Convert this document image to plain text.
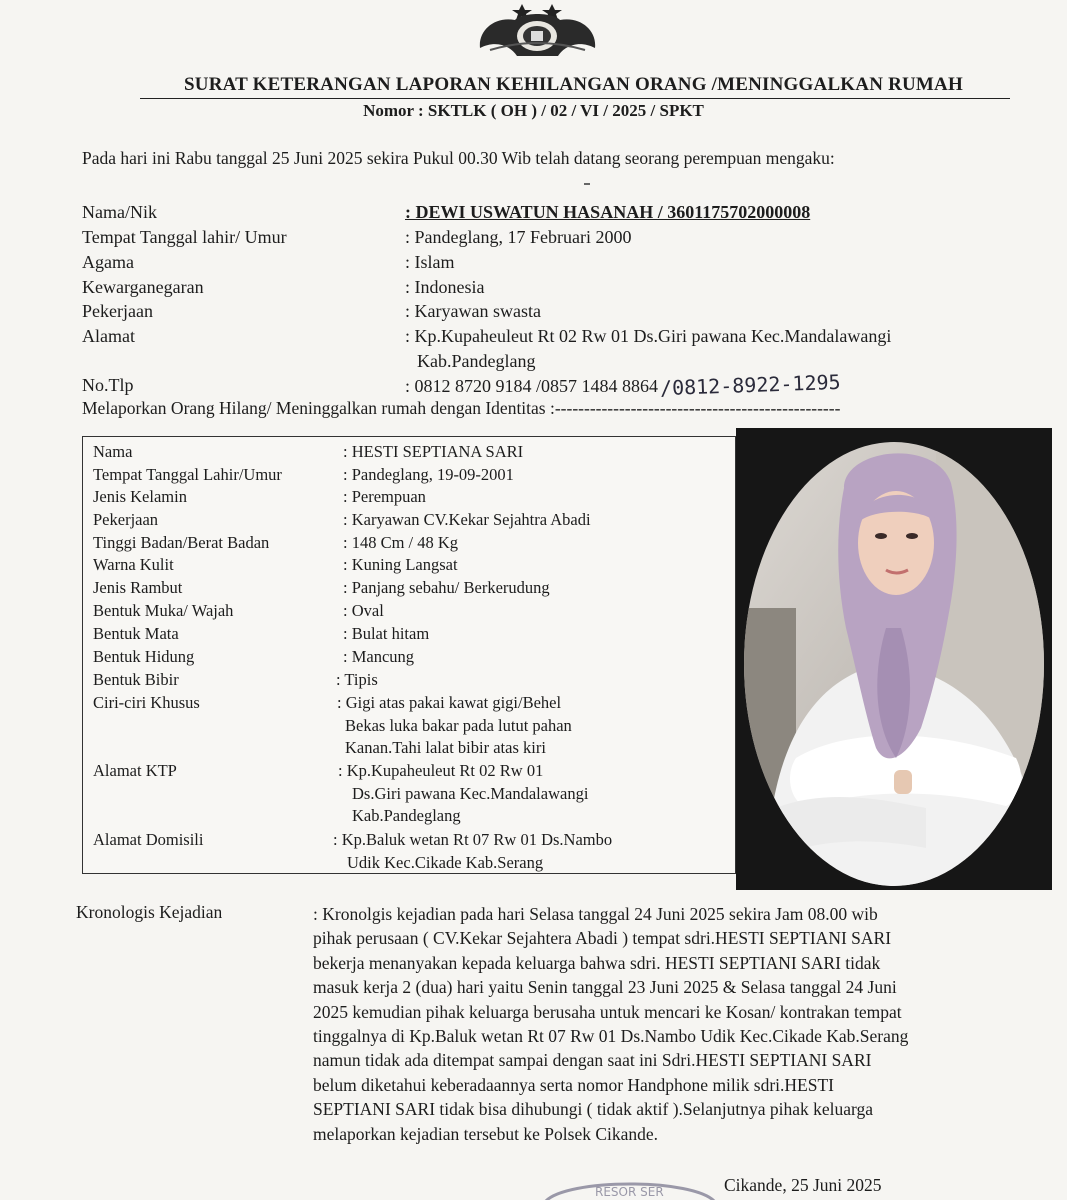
SURAT KETERANGAN LAPORAN KEHILANGAN ORANG /MENINGGALKAN RUMAH
Nomor : SKTLK ( OH ) / 02 / VI / 2025 / SPKT
Pada hari ini Rabu tanggal 25 Juni 2025 sekira Pukul 00.30 Wib telah datang seorang perempuan mengaku:
Nama/Nik	: DEWI USWATUN HASANAH / 3601175702000008
Tempat Tanggal lahir/ Umur	: Pandeglang, 17 Februari 2000
Agama	: Islam
Kewarganegaran	: Indonesia
Pekerjaan	: Karyawan swasta
Alamat	: Kp.Kupaheuleut Rt 02 Rw 01 Ds.Giri pawana Kec.Mandalawangi
Kab.Pandeglang
No.Tlp	: 0812 8720 9184 /0857 1484 8864/0812-8922-1295
Melaporkan Orang Hilang/ Meninggalkan rumah dengan Identitas :-------------------------------------------------
Nama	: HESTI SEPTIANA SARI
Tempat Tanggal Lahir/Umur	: Pandeglang, 19-09-2001
Jenis Kelamin	: Perempuan
Pekerjaan	: Karyawan CV.Kekar Sejahtra Abadi
Tinggi Badan/Berat Badan	: 148 Cm / 48 Kg
Warna Kulit	: Kuning Langsat
Jenis Rambut	: Panjang sebahu/ Berkerudung
Bentuk Muka/ Wajah	: Oval
Bentuk Mata	: Bulat hitam
Bentuk Hidung	: Mancung
Bentuk Bibir	: Tipis
Ciri-ciri Khusus	: Gigi atas pakai kawat gigi/Behel
Bekas luka bakar pada lutut pahan
Kanan.Tahi lalat bibir atas kiri
Alamat KTP	: Kp.Kupaheuleut Rt 02 Rw 01
Ds.Giri pawana Kec.Mandalawangi
Kab.Pandeglang
Alamat Domisili	: Kp.Baluk wetan Rt 07 Rw 01 Ds.Nambo
Udik Kec.Cikade Kab.Serang
Kronologis Kejadian	: Kronolgis kejadian pada hari Selasa tanggal 24 Juni 2025 sekira Jam 08.00 wib

pihak perusaan ( CV.Kekar Sejahtera Abadi ) tempat sdri.HESTI SEPTIANI SARI

bekerja menanyakan kepada keluarga bahwa sdri. HESTI SEPTIANI SARI tidak

masuk kerja 2 (dua) hari yaitu Senin tanggal 23 Juni 2025 & Selasa tanggal 24 Juni

2025 kemudian pihak keluarga berusaha untuk mencari ke Kosan/ kontrakan tempat

tinggalnya di Kp.Baluk wetan Rt 07 Rw 01 Ds.Nambo Udik Kec.Cikade Kab.Serang

namun tidak ada ditempat sampai dengan saat ini Sdri.HESTI SEPTIANI SARI

belum diketahui keberadaannya serta nomor Handphone milik sdri.HESTI

SEPTIANI SARI tidak bisa dihubungi ( tidak aktif ).Selanjutnya pihak keluarga

melaporkan kejadian tersebut ke Polsek Cikande.

RESOR SER	Cikande, 25 Juni 2025
